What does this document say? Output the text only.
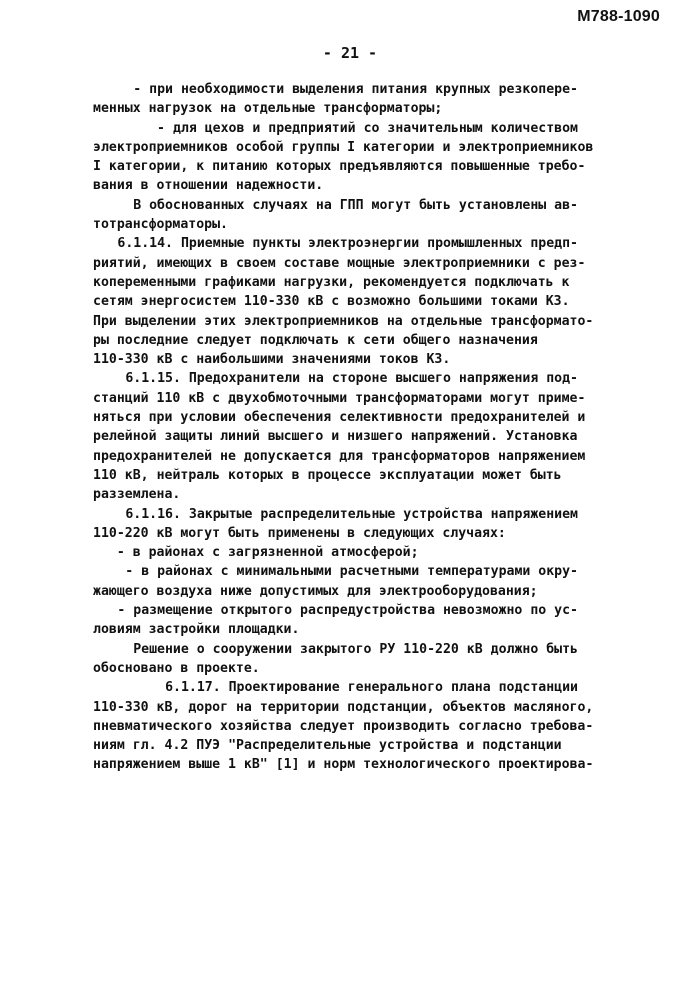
М788-1090
- 21 -
- при необходимости выделения питания крупных резкопере-
менных нагрузок на отдельные трансформаторы;
- для цехов и предприятий со значительным количеством
электроприемников особой группы I категории и электроприемников
I категории, к питанию которых предъявляются повышенные требо-
вания в отношении надежности.
В обоснованных случаях на ГПП могут быть установлены ав-
тотрансформаторы.
6.1.14. Приемные пункты электроэнергии промышленных предп-
риятий, имеющих в своем составе мощные электроприемники с рез-
копеременными графиками нагрузки, рекомендуется подключать к
сетям энергосистем 110-330 кВ с возможно большими токами КЗ.
При выделении этих электроприемников на отдельные трансформато-
ры последние следует подключать к сети общего назначения
110-330 кВ с наибольшими значениями токов КЗ.
6.1.15. Предохранители на стороне высшего напряжения под-
станций 110 кВ с двухобмоточными трансформаторами могут приме-
няться при условии обеспечения селективности предохранителей и
релейной защиты линий высшего и низшего напряжений. Установка
предохранителей не допускается для трансформаторов напряжением
110 кВ, нейтраль которых в процессе эксплуатации может быть
разземлена.
6.1.16. Закрытые распределительные устройства напряжением
110-220 кВ могут быть применены в следующих случаях:
- в районах с загрязненной атмосферой;
- в районах с минимальными расчетными температурами окру-
жающего воздуха ниже допустимых для электрооборудования;
- размещение открытого распредустройства невозможно по ус-
ловиям застройки площадки.
Решение о сооружении закрытого РУ 110-220 кВ должно быть
обосновано в проекте.
6.1.17. Проектирование генерального плана подстанции
110-330 кВ, дорог на территории подстанции, объектов масляного,
пневматического хозяйства следует производить согласно требова-
ниям гл. 4.2 ПУЭ "Распределительные устройства и подстанции
напряжением выше 1 кВ" [1] и норм технологического проектирова-
